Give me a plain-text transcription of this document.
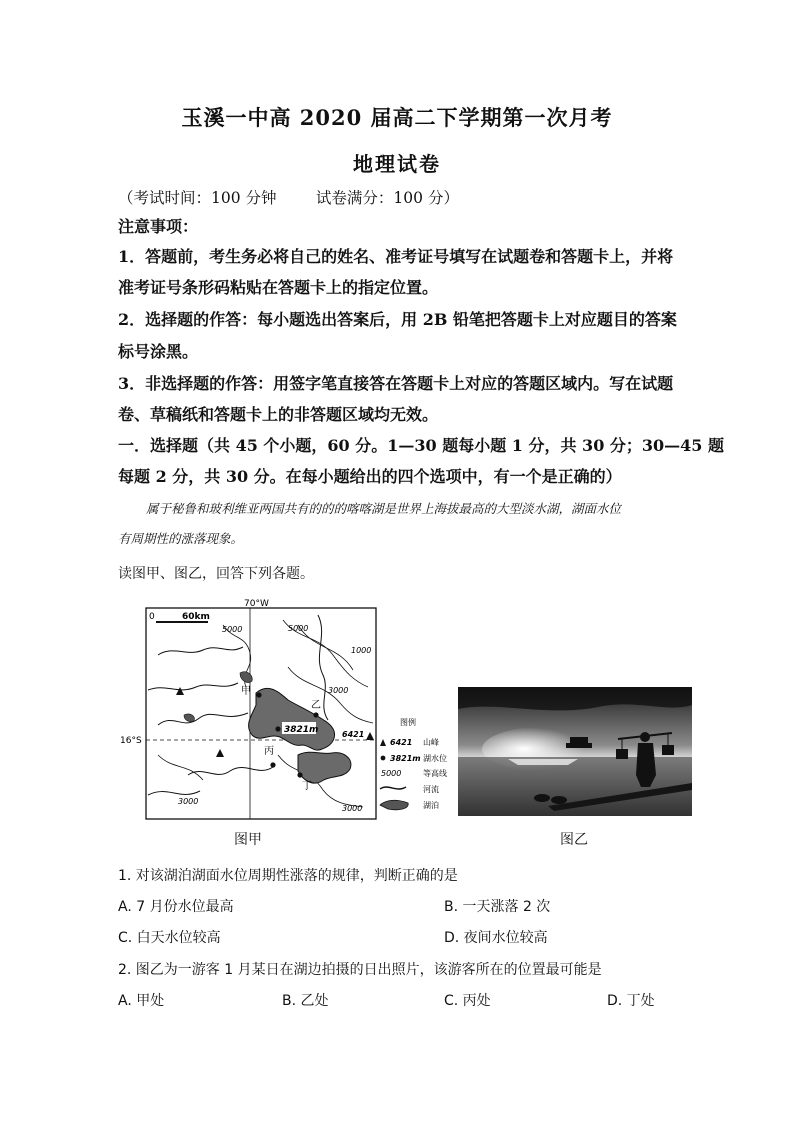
玉溪一中高 2020 届高二下学期第一次月考
地理试卷
（考试时间：100 分钟        试卷满分：100 分）
注意事项：
1．答题前，考生务必将自己的姓名、准考证号填写在试题卷和答题卡上，并将
准考证号条形码粘贴在答题卡上的指定位置。
2．选择题的作答：每小题选出答案后，用 2B 铅笔把答题卡上对应题目的答案
标号涂黑。
3．非选择题的作答：用签字笔直接答在答题卡上对应的答题区域内。写在试题
卷、草稿纸和答题卡上的非答题区域均无效。
一．选择题（共 45 个小题，60 分。1—30 题每小题 1 分，共 30 分；30—45 题
每题 2 分，共 30 分。在每小题给出的四个选项中，有一个是正确的）
属于秘鲁和玻利维亚两国共有的的的喀喀湖是世界上海拔最高的大型淡水湖，湖面水位
有周期性的涨落现象。
读图甲、图乙，回答下列各题。
70°W
16°S
0	60km
5000	5000
1000
3000
3000
3000
3821m	6421
甲
乙
丙
丁
图例
6421 山峰
3821m 湖水位
5000	等高线
河流
湖泊
图甲	图乙
1. 对该湖泊湖面水位周期性涨落的规律，判断正确的是
A. 7 月份水位最高	B. 一天涨落 2 次
C. 白天水位较高	D. 夜间水位较高
2. 图乙为一游客 1 月某日在湖边拍摄的日出照片，该游客所在的位置最可能是
A. 甲处	B. 乙处	C. 丙处	D. 丁处
